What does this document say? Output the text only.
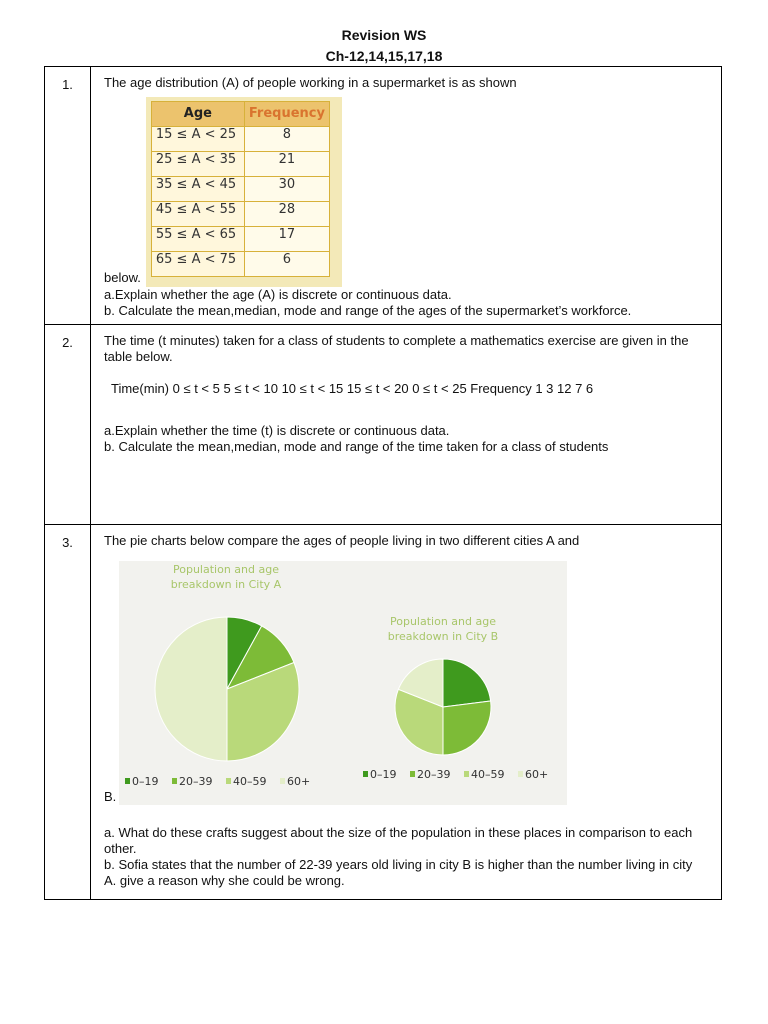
Revision WS
Ch-12,14,15,17,18
1.	The age distribution (A) of people working in a supermarket is as shown
below.
Age	Frequency
15 ≤ A < 25	8
25 ≤ A < 35	21
35 ≤ A < 45	30
45 ≤ A < 55	28
55 ≤ A < 65	17
65 ≤ A < 75	6
a.Explain whether the age (A) is discrete or continuous data.
b. Calculate the mean,median, mode and range of the ages of the supermarket’s workforce.

2.	The time (t minutes) taken for a class of students to complete a mathematics exercise are given in the table below.
Time(min) 0 ≤ t < 5 5 ≤ t < 10 10 ≤ t < 15 15 ≤ t < 20 0 ≤ t < 25 Frequency 1 3 12 7 6
a.Explain whether the time (t) is discrete or continuous data.
b. Calculate the mean,median, mode and range of the time taken for a class of students

3.	The pie charts below compare the ages of people living in two different cities A and
B.
Population and age
breakdown in City A
Population and age
breakdown in City B
0–19 20–39 40–59 60+
0–19 20–39 40–59 60+
a. What do these crafts suggest about the size of the population in these places in comparison to each other.
b. Sofia states that the number of 22-39 years old living in city B is higher than the number living in city A. give a reason why she could be wrong.
